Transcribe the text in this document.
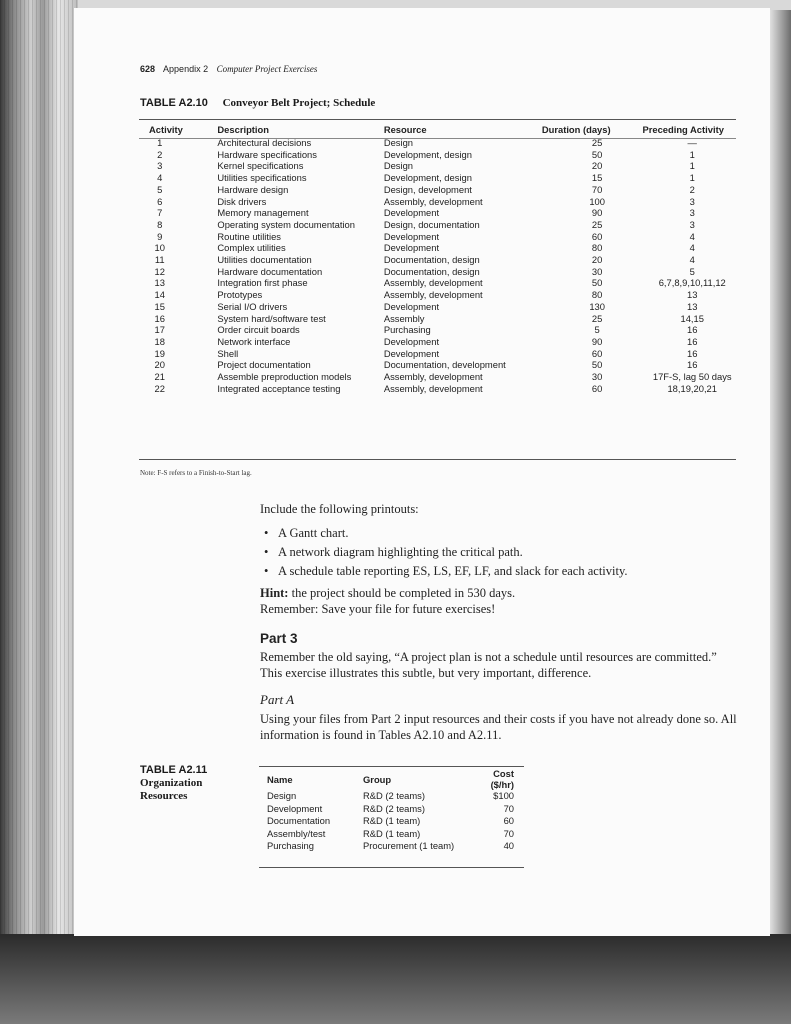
628 Appendix 2 Computer Project Exercises
TABLE A2.10 Conveyor Belt Project; Schedule
Activity	Description	Resource	Duration (days)	Preceding Activity
1	Architectural decisions	Design	25	—
2	Hardware specifications	Development, design	50	1
3	Kernel specifications	Design	20	1
4	Utilities specifications	Development, design	15	1
5	Hardware design	Design, development	70	2
6	Disk drivers	Assembly, development	100	3
7	Memory management	Development	90	3
8	Operating system documentation	Design, documentation	25	3
9	Routine utilities	Development	60	4
10	Complex utilities	Development	80	4
11	Utilities documentation	Documentation, design	20	4
12	Hardware documentation	Documentation, design	30	5
13	Integration first phase	Assembly, development	50	6,7,8,9,10,11,12
14	Prototypes	Assembly, development	80	13
15	Serial I/O drivers	Development	130	13
16	System hard/software test	Assembly	25	14,15
17	Order circuit boards	Purchasing	5	16
18	Network interface	Development	90	16
19	Shell	Development	60	16
20	Project documentation	Documentation, development	50	16
21	Assemble preproduction models	Assembly, development	30	17F-S, lag 50 days
22	Integrated acceptance testing	Assembly, development	60	18,19,20,21
Note: F-S refers to a Finish-to-Start lag.
Include the following printouts:
• A Gantt chart.
• A network diagram highlighting the critical path.
• A schedule table reporting ES, LS, EF, LF, and slack for each activity.
Hint: the project should be completed in 530 days.
Remember: Save your file for future exercises!
Part 3
Remember the old saying, “A project plan is not a schedule until resources are committed.” This exercise illustrates this subtle, but very important, difference.
Part A
Using your files from Part 2 input resources and their costs if you have not already done so. All information is found in Tables A2.10 and A2.11.
TABLE A2.11
Organization Resources
Name	Group	Cost ($/hr)
Design	R&D (2 teams)	$100
Development	R&D (2 teams)	70
Documentation	R&D (1 team)	60
Assembly/test	R&D (1 team)	70
Purchasing	Procurement (1 team)	40
